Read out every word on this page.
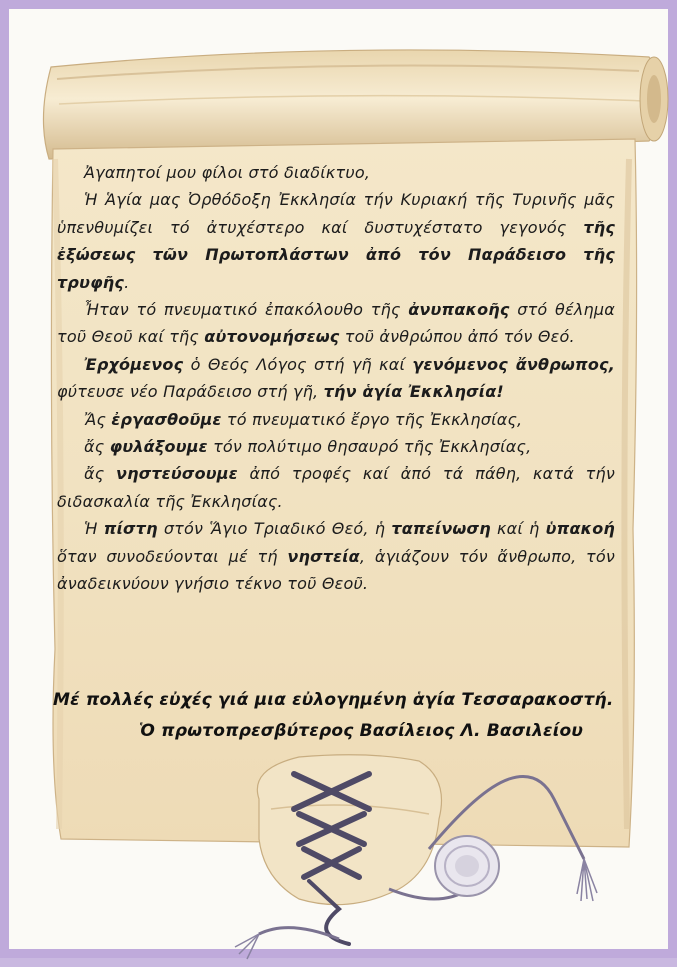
Ἀγαπητοί μου φίλοι στό διαδίκτυο,

Ἡ Ἁγία μας Ὀρθόδοξη Ἐκκλησία τήν Κυριακή τῆς Τυρινῆς μᾶς ὑπενθυμίζει τό ἀτυχέστερο καί δυστυχέστατο γεγονός τῆς ἐξώσεως τῶν Πρωτοπλάστων ἀπό τόν Παράδεισο τῆς τρυφῆς.

Ἦταν τό πνευματικό ἐπακόλουθο τῆς ἀνυπακοῆς στό θέλημα τοῦ Θεοῦ καί τῆς αὐτονομήσεως τοῦ ἀνθρώπου ἀπό τόν Θεό.

Ἐρχόμενος ὁ Θεός Λόγος στή γῆ καί γενόμενος ἄνθρωπος, φύτευσε νέο Παράδεισο στή γῆ, τήν ἁγία Ἐκκλησία!

Ἄς ἐργασθοῦμε τό πνευματικό ἔργο τῆς Ἐκκλησίας,

ἄς φυλάξουμε τόν πολύτιμο θησαυρό τῆς Ἐκκλησίας,

ἄς νηστεύσουμε ἀπό τροφές καί ἀπό τά πάθη, κατά τήν διδασκαλία τῆς Ἐκκλησίας.

Ἡ πίστη στόν Ἅγιο Τριαδικό Θεό, ἡ ταπείνωση καί ἡ ὑπακοή ὅταν συνοδεύονται μέ τή νηστεία, ἁγιάζουν τόν ἄνθρωπο, τόν ἀναδεικνύουν γνήσιο τέκνο τοῦ Θεοῦ.

Μέ πολλές εὐχές γιά μια εὐλογημένη ἁγία Τεσσαρακοστή.
Ὁ πρωτοπρεσβύτερος Βασίλειος Λ. Βασιλείου
